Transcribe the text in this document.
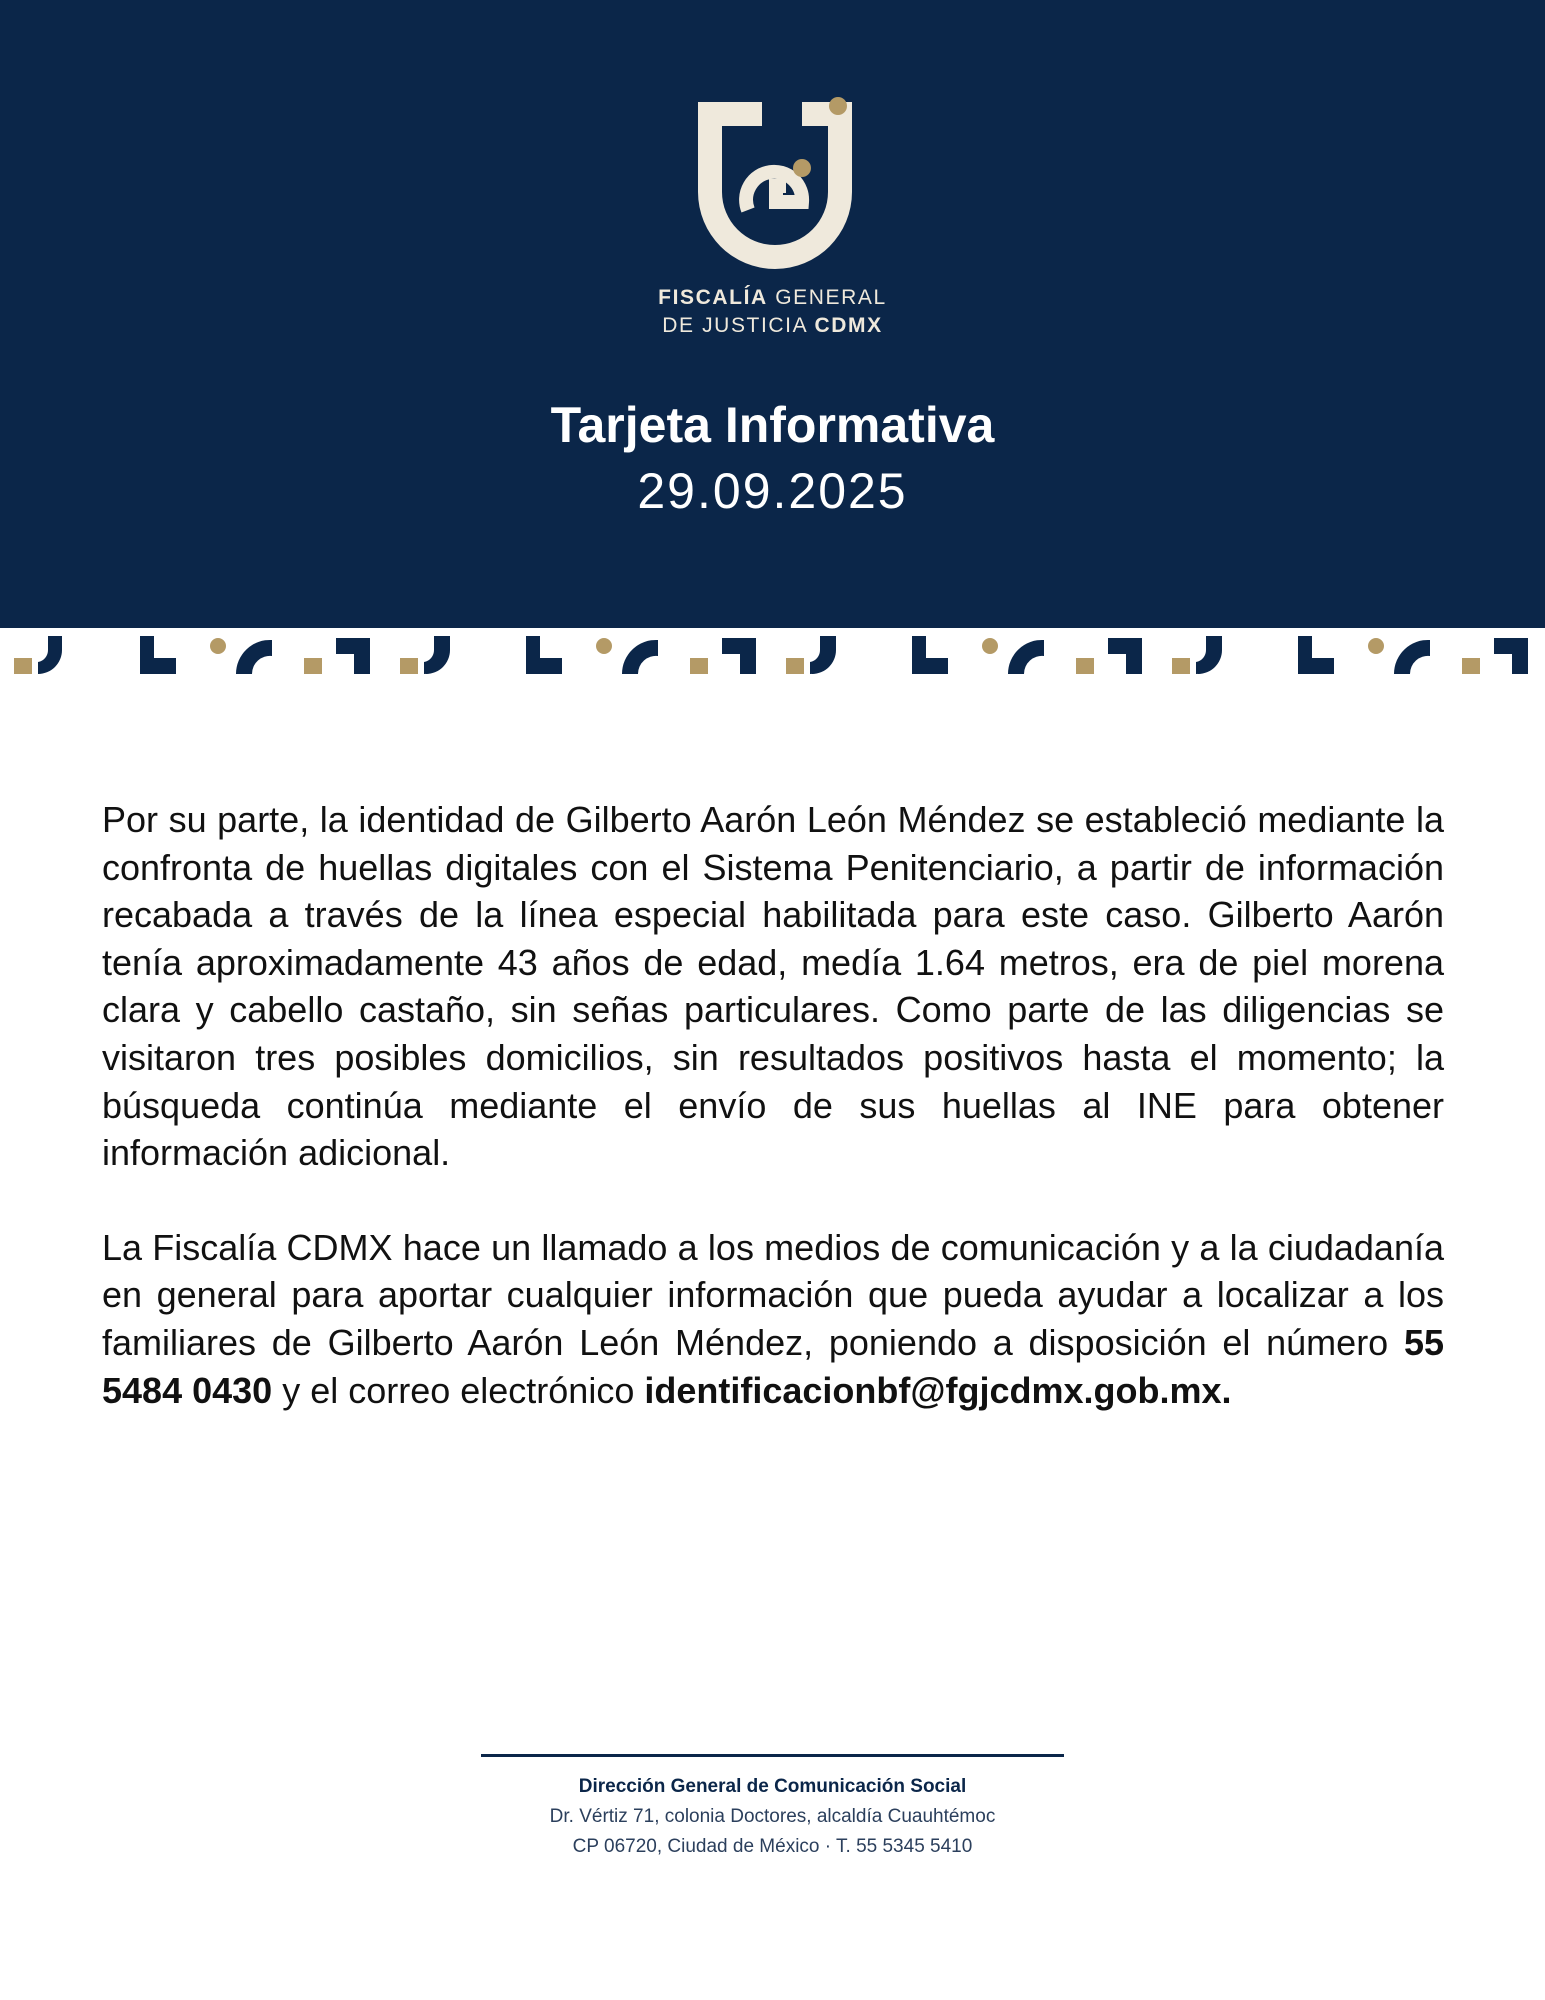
FISCALÍA GENERAL
DE JUSTICIA CDMX
Tarjeta Informativa
29.09.2025

Por su parte, la identidad de Gilberto Aarón León Méndez se estableció mediante la confronta de huellas digitales con el Sistema Penitenciario, a partir de información recabada a través de la línea especial habilitada para este caso. Gilberto Aarón tenía aproximadamente 43 años de edad, medía 1.64 metros, era de piel morena clara y cabello castaño, sin señas particulares. Como parte de las diligencias se visitaron tres posibles domicilios, sin resultados positivos hasta el momento; la búsqueda continúa mediante el envío de sus huellas al INE para obtener información adicional.

La Fiscalía CDMX hace un llamado a los medios de comunicación y a la ciudadanía en general para aportar cualquier información que pueda ayudar a localizar a los familiares de Gilberto Aarón León Méndez, poniendo a disposición el número 55 5484 0430 y el correo electrónico identificacionbf@fgjcdmx.gob.mx.

Dirección General de Comunicación Social
Dr. Vértiz 71, colonia Doctores, alcaldía Cuauhtémoc
CP 06720, Ciudad de México · T. 55 5345 5410
